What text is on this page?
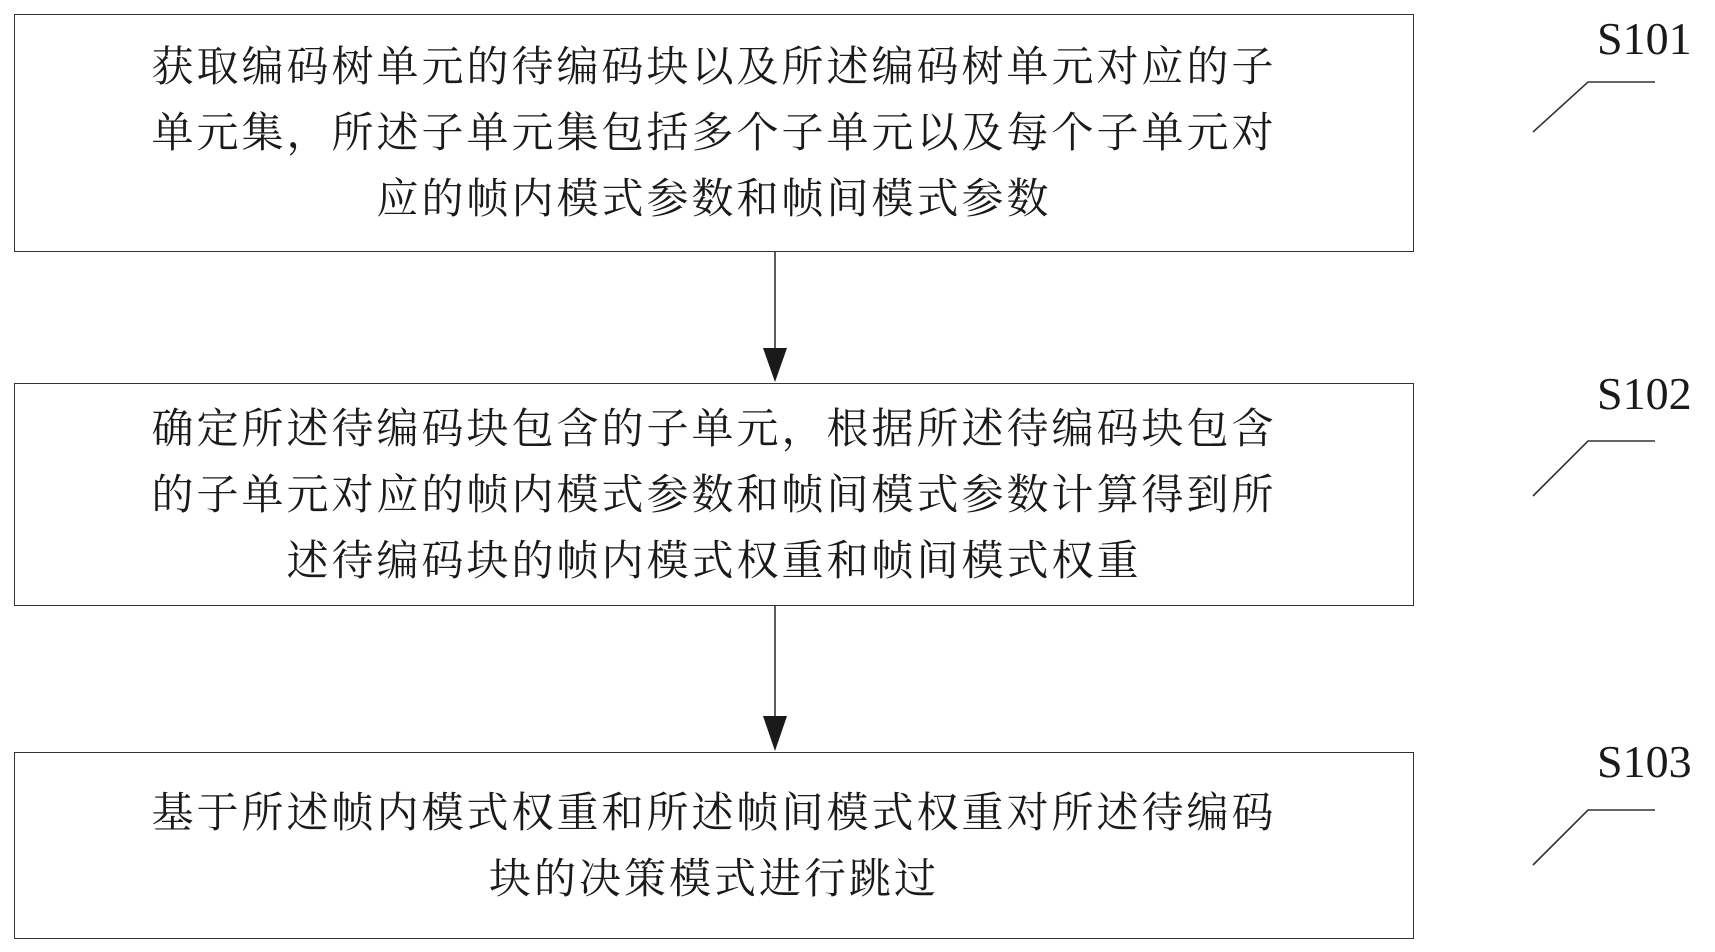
获取编码树单元的待编码块以及所述编码树单元对应的子
单元集，所述子单元集包括多个子单元以及每个子单元对
应的帧内模式参数和帧间模式参数
确定所述待编码块包含的子单元，根据所述待编码块包含
的子单元对应的帧内模式参数和帧间模式参数计算得到所
述待编码块的帧内模式权重和帧间模式权重
基于所述帧内模式权重和所述帧间模式权重对所述待编码
块的决策模式进行跳过
S101
S102
S103
